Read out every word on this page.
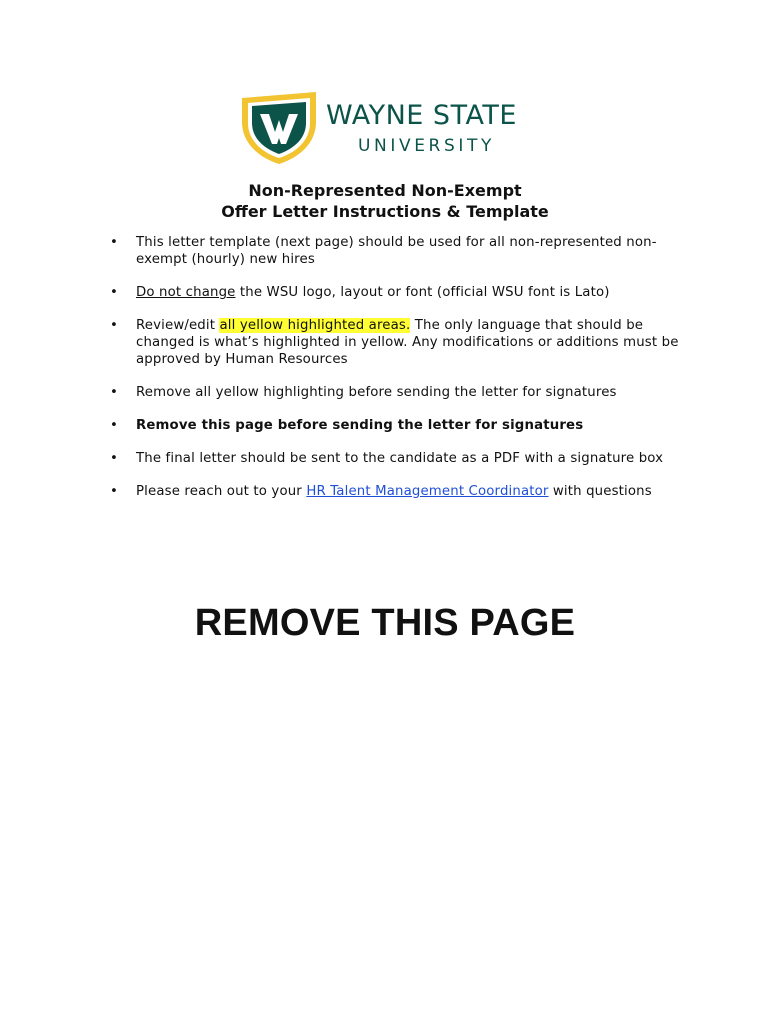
WAYNE STATE
UNIVERSITY
Non-Represented Non-Exempt
Offer Letter Instructions & Template
• This letter template (next page) should be used for all non-represented non-exempt (hourly) new hires
• Do not change the WSU logo, layout or font (official WSU font is Lato)
• Review/edit all yellow highlighted areas. The only language that should be changed is what’s highlighted in yellow. Any modifications or additions must be approved by Human Resources
• Remove all yellow highlighting before sending the letter for signatures
• Remove this page before sending the letter for signatures
• The final letter should be sent to the candidate as a PDF with a signature box
• Please reach out to your HR Talent Management Coordinator with questions
REMOVE THIS PAGE
